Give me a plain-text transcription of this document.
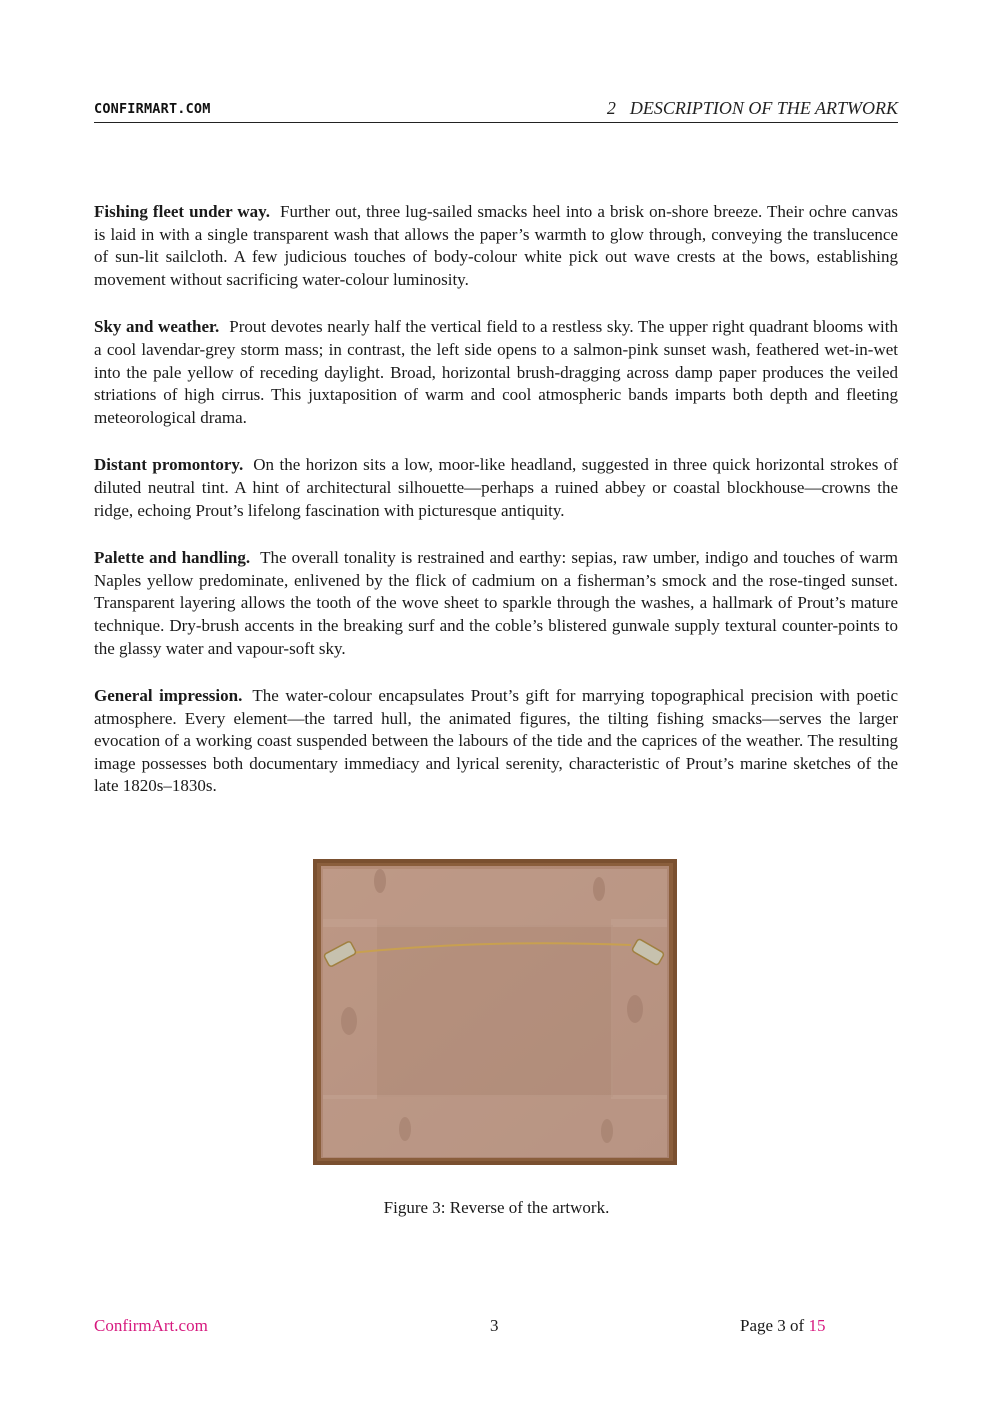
CONFIRMART.COM	2 DESCRIPTION OF THE ARTWORK

Fishing fleet under way. Further out, three lug-sailed smacks heel into a brisk on-shore breeze. Their ochre canvas is laid in with a single transparent wash that allows the paper’s warmth to glow through, conveying the translucence of sun-lit sailcloth. A few judicious touches of body-colour white pick out wave crests at the bows, establishing movement without sacrificing water-colour luminosity.

Sky and weather. Prout devotes nearly half the vertical field to a restless sky. The upper right quadrant blooms with a cool lavendar-grey storm mass; in contrast, the left side opens to a salmon-pink sunset wash, feathered wet-in-wet into the pale yellow of receding daylight. Broad, horizontal brush-dragging across damp paper produces the veiled striations of high cirrus. This juxtaposition of warm and cool atmospheric bands imparts both depth and fleeting meteorological drama.

Distant promontory. On the horizon sits a low, moor-like headland, suggested in three quick horizontal strokes of diluted neutral tint. A hint of architectural silhouette—perhaps a ruined abbey or coastal blockhouse—crowns the ridge, echoing Prout’s lifelong fascination with picturesque antiquity.

Palette and handling. The overall tonality is restrained and earthy: sepias, raw umber, indigo and touches of warm Naples yellow predominate, enlivened by the flick of cadmium on a fisherman’s smock and the rose-tinged sunset. Transparent layering allows the tooth of the wove sheet to sparkle through the washes, a hallmark of Prout’s mature technique. Dry-brush accents in the breaking surf and the coble’s blistered gunwale supply textural counter-points to the glassy water and vapour-soft sky.

General impression. The water-colour encapsulates Prout’s gift for marrying topographical precision with poetic atmosphere. Every element—the tarred hull, the animated figures, the tilting fishing smacks—serves the larger evocation of a working coast suspended between the labours of the tide and the caprices of the weather. The resulting image possesses both documentary immediacy and lyrical serenity, characteristic of Prout’s marine sketches of the late 1820s–1830s.

Figure 3: Reverse of the artwork.
ConfirmArt.com	3	Page 3 of 15
